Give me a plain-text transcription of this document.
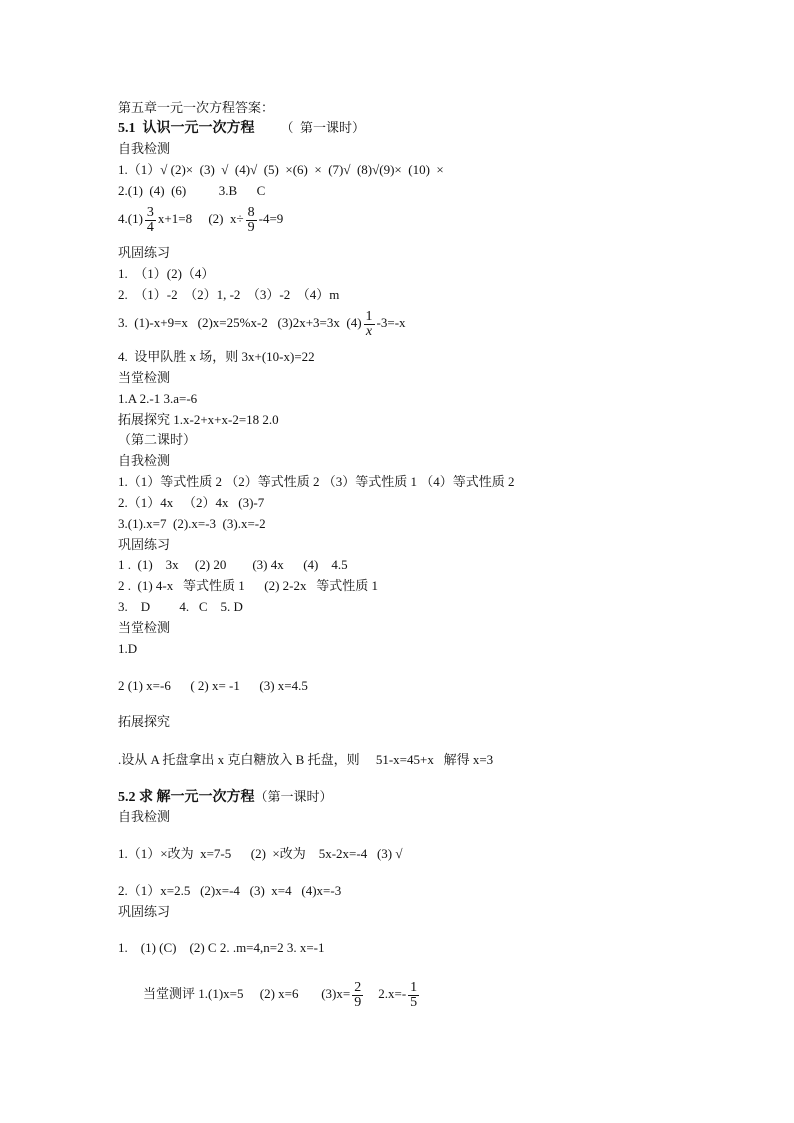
第五章一元一次方程答案：
5.1  认识一元一次方程 （  第一课时）
自我检测
1.（1）√ (2)×  (3)  √  (4)√  (5)  ×(6)  ×  (7)√  (8)√(9)×  (10)  ×
2.(1)  (4)  (6)          3.B      C
$4.(1) \frac{3}{4} x+1=8$     (2)  $x\div \frac{8}{9} -4=9$
巩固练习
1.  （1）(2)（4）
2.  （1）-2  （2）1, -2  （3）-2  （4）m
3.  (1)-x+9=x   (2)x=25%x-2   (3)2x+3=3x  $(4) \frac{1}{x} -3=-x$
4.  设甲队胜 x 场，则 3x+(10-x)=22
当堂检测
1.A 2.-1 3.a=-6
拓展探究 1.x-2+x+x-2=18 2.0
（第二课时）
自我检测
1.（1）等式性质 2 （2）等式性质 2 （3）等式性质 1 （4）等式性质 2
2.（1）4x   （2）4x   (3)-7
3.(1).x=7  (2).x=-3  (3).x=-2
巩固练习
1 .  (1)    3x     (2) 20        (3) 4x      (4)    4.5
2 .  (1) 4-x   等式性质 1      (2) 2-2x   等式性质 1
3.    D         4.   C    5. D
当堂检测
1.D
2 (1) x=-6      ( 2) x= -1      (3) x=4.5
拓展探究
.设从 A 托盘拿出 x 克白糖放入 B 托盘，则     51-x=45+x   解得 x=3
5.2 求 解一元一次方程（第一课时）
自我检测
1.（1）×改为  x=7-5      (2)  ×改为    5x-2x=-4   (3) √
2.（1）x=2.5   (2)x=-4   (3)  x=4   (4)x=-3
巩固练习
1.    (1) (C)    (2) C 2. .m=4,n=2 3. x=-1
当堂测评 1.(1)x=5     (2) x=6       $(3)x= \frac{2}{9} 2.x=- \frac{1}{5}$
